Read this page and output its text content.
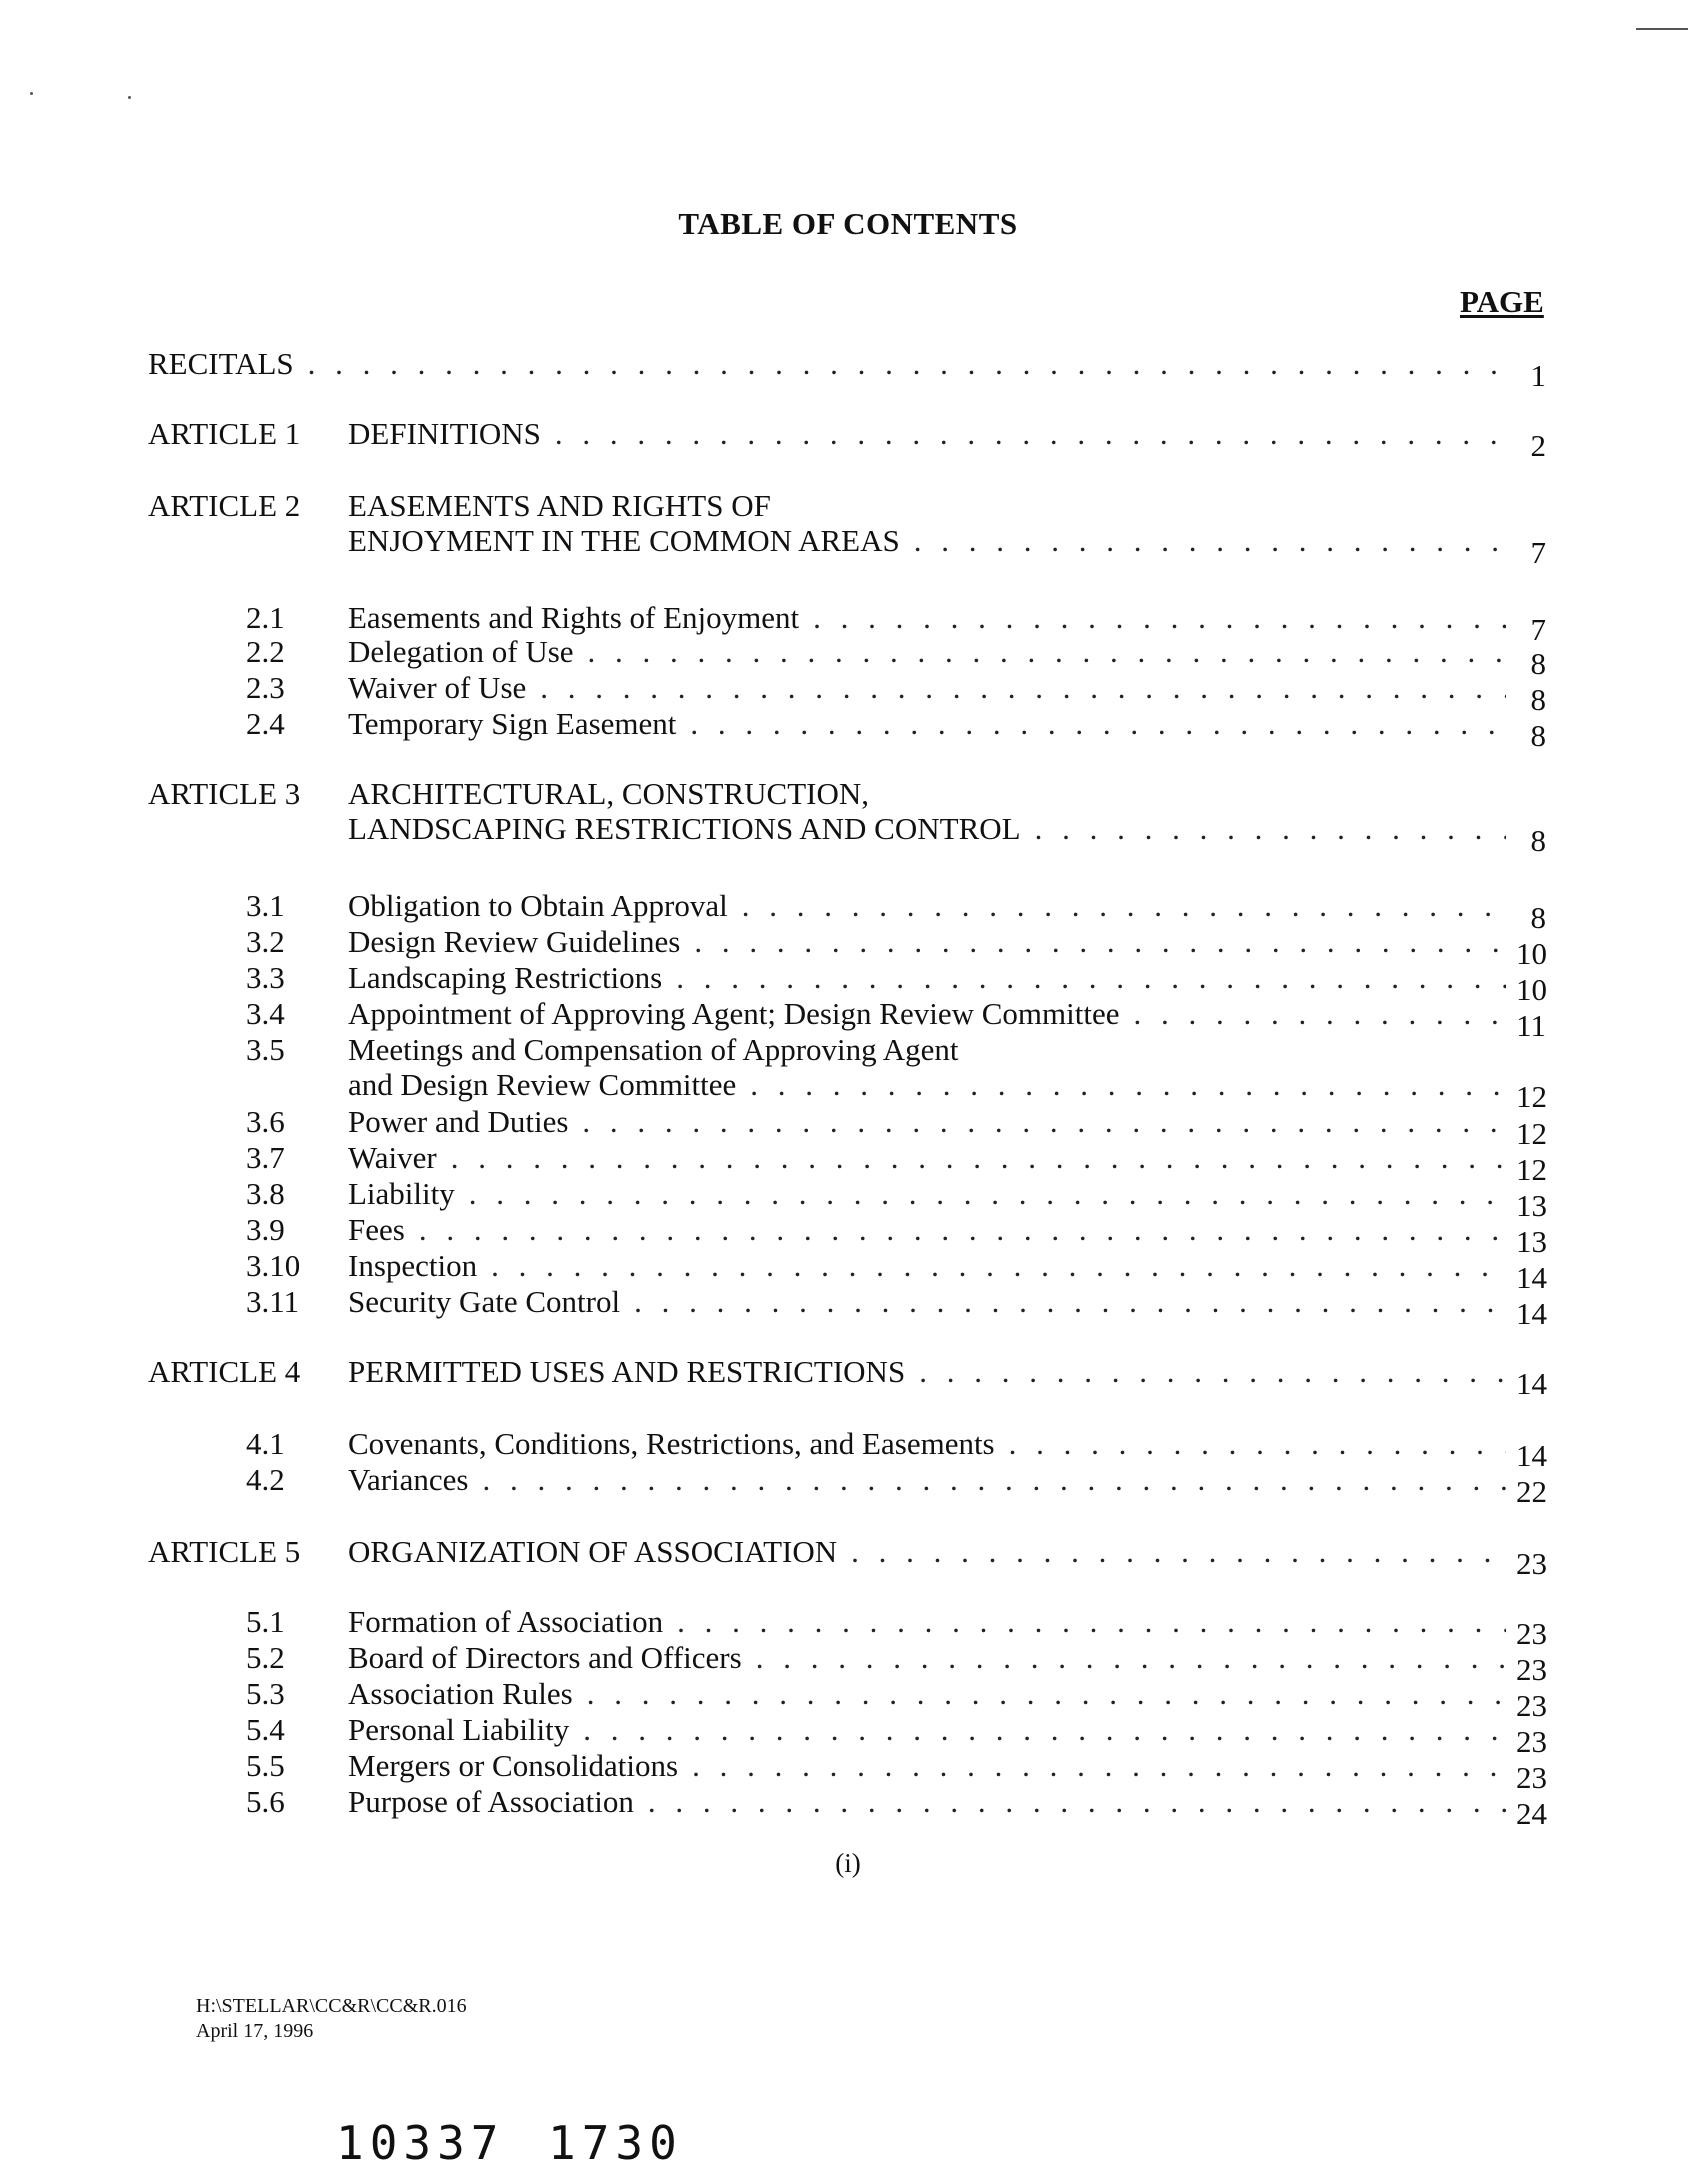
TABLE OF CONTENTS
PAGE
RECITALS . . .	1
ARTICLE 1 DEFINITIONS . . .	2
ARTICLE 2 EASEMENTS AND RIGHTS OF
ENJOYMENT IN THE COMMON AREAS . . .	7
2.1 Easements and Rights of Enjoyment . . .	7
2.2 Delegation of Use . . .	8
2.3 Waiver of Use . . .	8
2.4 Temporary Sign Easement . . .	8
ARTICLE 3 ARCHITECTURAL, CONSTRUCTION,
LANDSCAPING RESTRICTIONS AND CONTROL . . .	8
3.1 Obligation to Obtain Approval . . .	8
3.2 Design Review Guidelines . . .	10
3.3 Landscaping Restrictions . . .	10
3.4 Appointment of Approving Agent; Design Review Committee . . .	11
3.5 Meetings and Compensation of Approving Agent
and Design Review Committee . . .	12
3.6 Power and Duties . . .	12
3.7 Waiver . . .	12
3.8 Liability . . .	13
3.9 Fees . . .	13
3.10 Inspection . . .	14
3.11 Security Gate Control . . .	14
ARTICLE 4 PERMITTED USES AND RESTRICTIONS . . .	14
4.1 Covenants, Conditions, Restrictions, and Easements . . .	14
4.2 Variances . . .	22
ARTICLE 5 ORGANIZATION OF ASSOCIATION . . .	23
5.1 Formation of Association . . .	23
5.2 Board of Directors and Officers . . .	23
5.3 Association Rules . . .	23
5.4 Personal Liability . . .	23
5.5 Mergers or Consolidations . . .	23
5.6 Purpose of Association . . .	24
(i)
H:\STELLAR\CC&R\CC&R.016
April 17, 1996
10337 1730
